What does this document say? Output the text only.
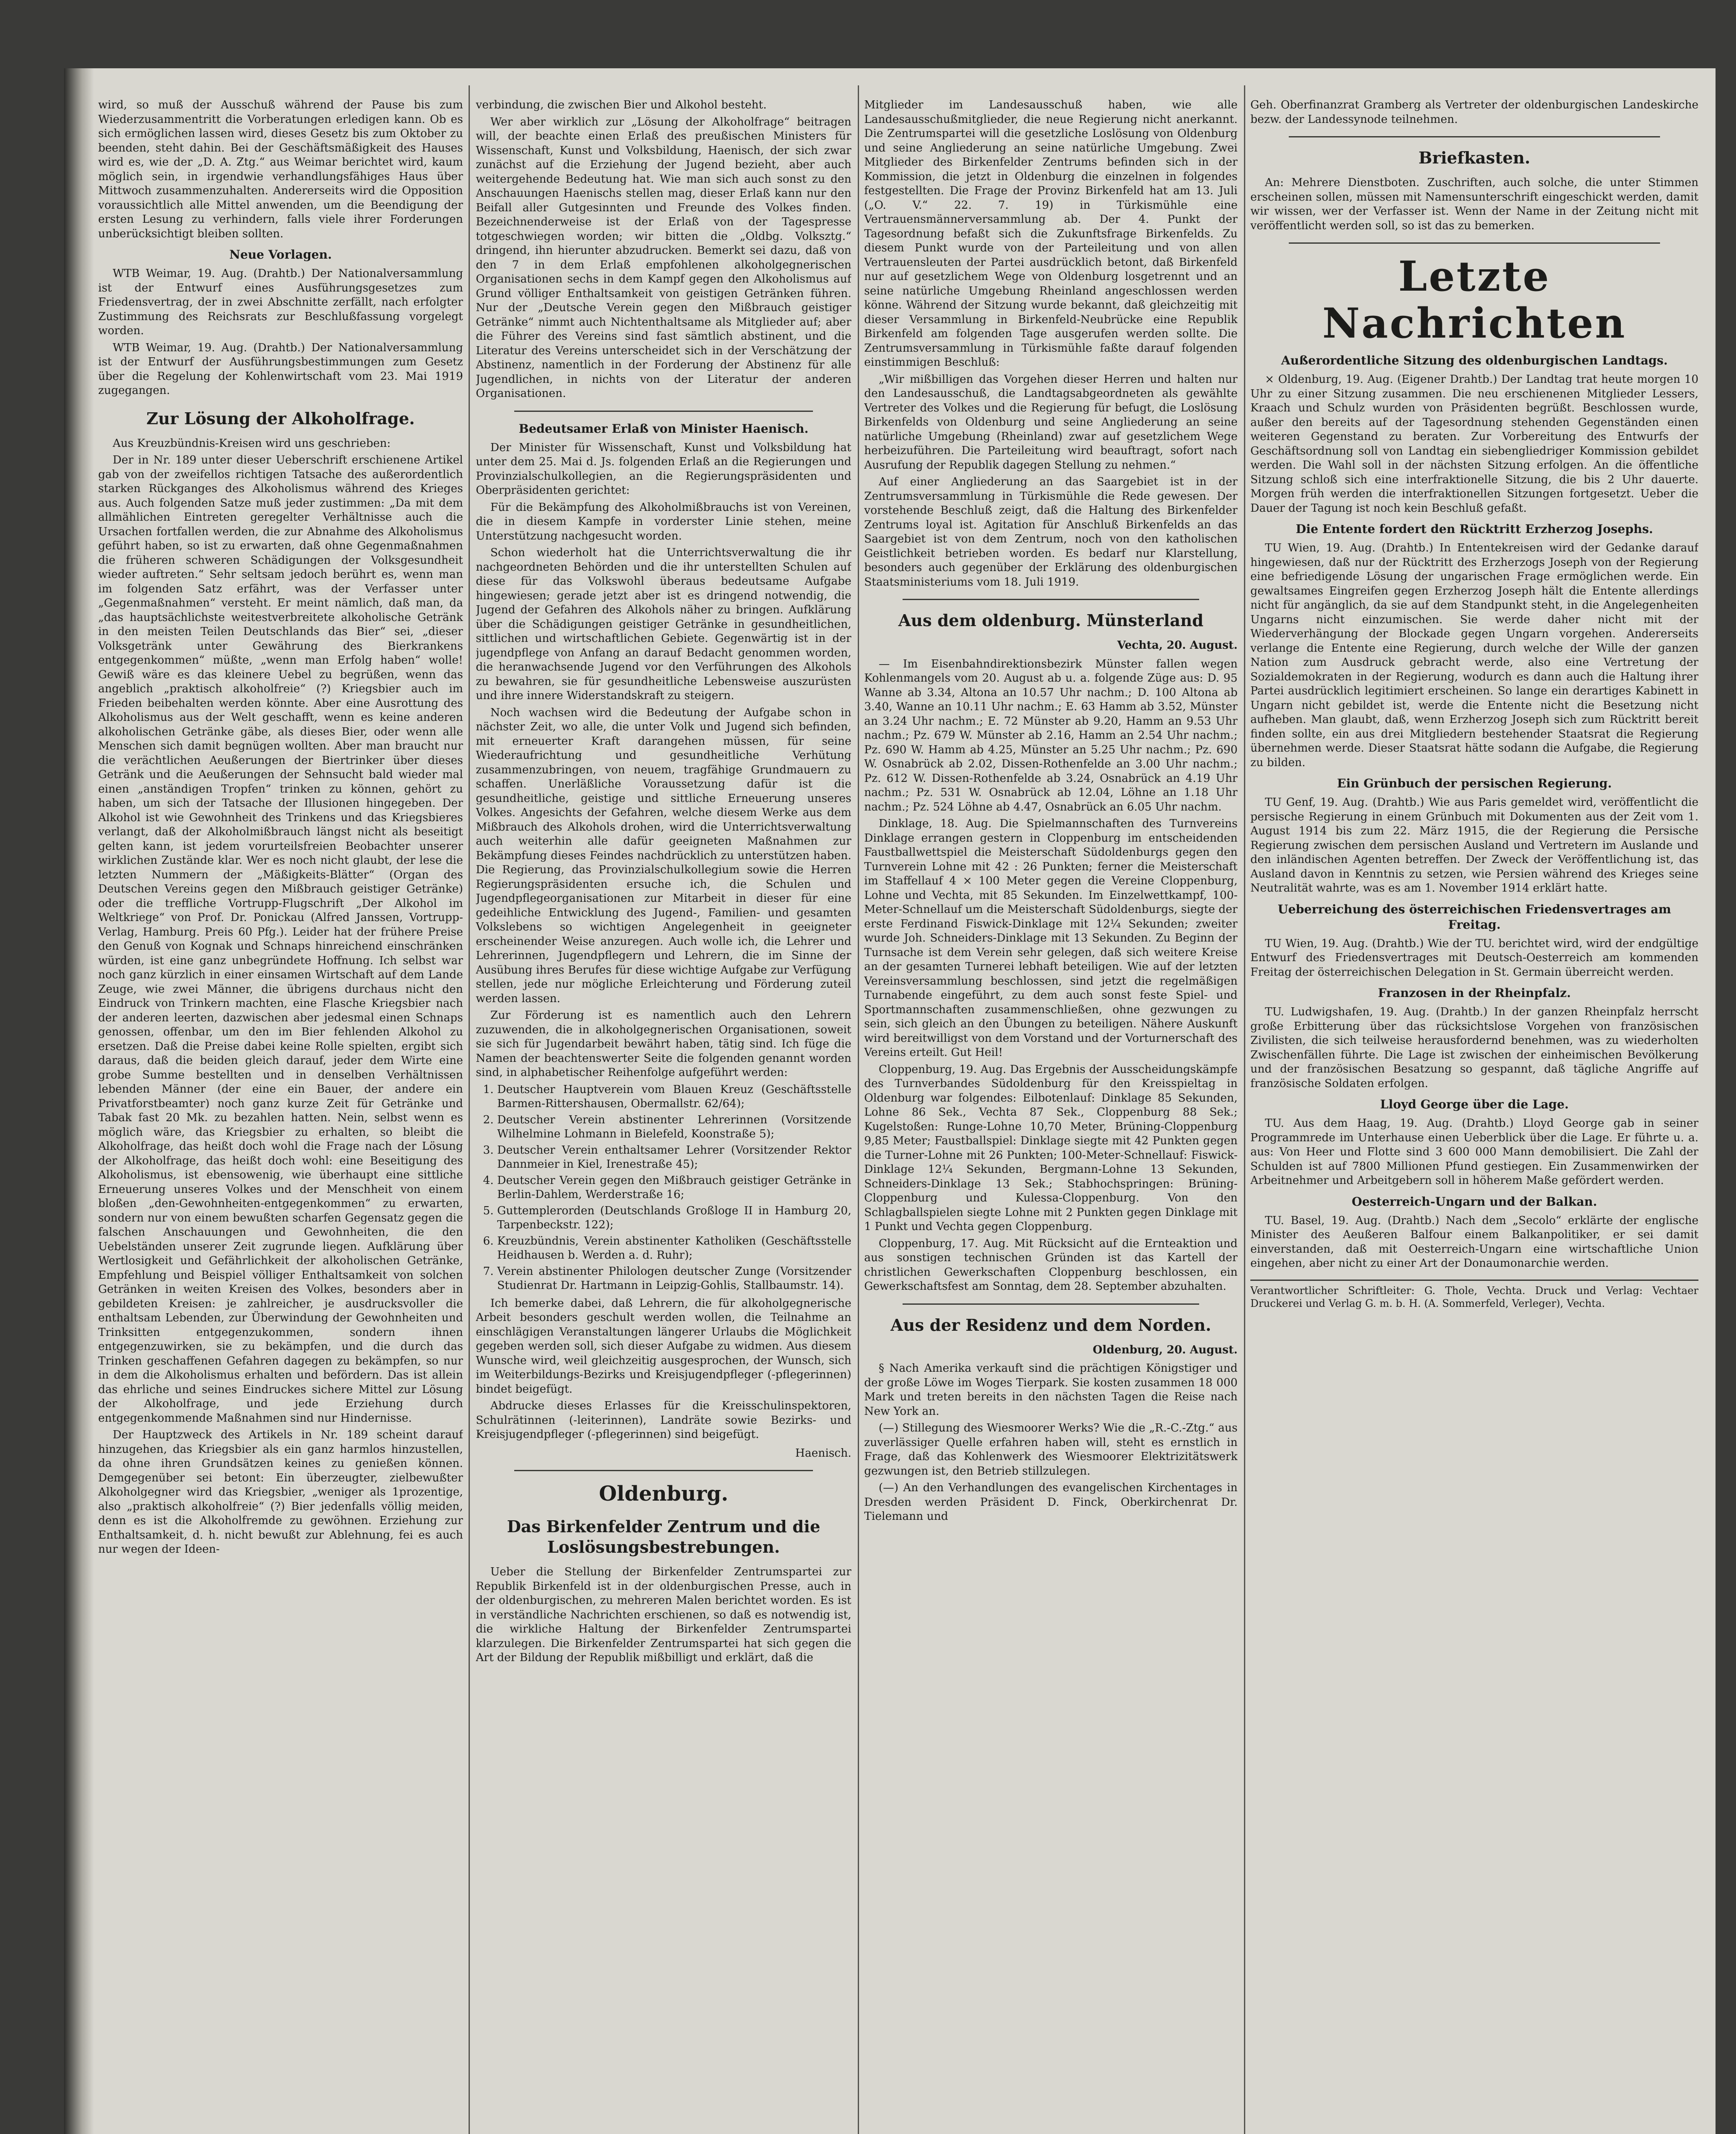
wird, so muß der Ausschuß während der Pause bis zum Wiederzusammentritt die Vorberatungen erledigen kann. Ob es sich ermöglichen lassen wird, dieses Gesetz bis zum Oktober zu beenden, steht dahin. Bei der Geschäftsmäßigkeit des Hauses wird es, wie der „D. A. Ztg.“ aus Weimar berichtet wird, kaum möglich sein, in irgendwie verhandlungsfähiges Haus über Mittwoch zusammenzuhalten. Andererseits wird die Opposition voraussichtlich alle Mittel anwenden, um die Beendigung der ersten Lesung zu verhindern, falls viele ihrer Forderungen unberücksichtigt bleiben sollten.

Neue Vorlagen.

WTB Weimar, 19. Aug. (Drahtb.) Der Nationalversammlung ist der Entwurf eines Ausführungsgesetzes zum Friedensvertrag, der in zwei Abschnitte zerfällt, nach erfolgter Zustimmung des Reichsrats zur Beschlußfassung vorgelegt worden.

WTB Weimar, 19. Aug. (Drahtb.) Der Nationalversammlung ist der Entwurf der Ausführungsbestimmungen zum Gesetz über die Regelung der Kohlenwirtschaft vom 23. Mai 1919 zugegangen.

Zur Lösung der Alkoholfrage.

Aus Kreuzbündnis-Kreisen wird uns geschrieben:

Der in Nr. 189 unter dieser Ueberschrift erschienene Artikel gab von der zweifellos richtigen Tatsache des außerordentlich starken Rückganges des Alkoholismus während des Krieges aus. Auch folgenden Satze muß jeder zustimmen: „Da mit dem allmählichen Eintreten geregelter Verhältnisse auch die Ursachen fortfallen werden, die zur Abnahme des Alkoholismus geführt haben, so ist zu erwarten, daß ohne Gegenmaßnahmen die früheren schweren Schädigungen der Volksgesundheit wieder auftreten.“ Sehr seltsam jedoch berührt es, wenn man im folgenden Satz erfährt, was der Verfasser unter „Gegenmaßnahmen“ versteht. Er meint nämlich, daß man, da „das hauptsächlichste weitestverbreitete alkoholische Getränk in den meisten Teilen Deutschlands das Bier“ sei, „dieser Volksgetränk unter Gewährung des Bierkrankens entgegenkommen“ müßte, „wenn man Erfolg haben“ wolle! Gewiß wäre es das kleinere Uebel zu begrüßen, wenn das angeblich „praktisch alkoholfreie“ (?) Kriegsbier auch im Frieden beibehalten werden könnte. Aber eine Ausrottung des Alkoholismus aus der Welt geschafft, wenn es keine anderen alkoholischen Getränke gäbe, als dieses Bier, oder wenn alle Menschen sich damit begnügen wollten. Aber man braucht nur die verächtlichen Aeußerungen der Biertrinker über dieses Getränk und die Aeußerungen der Sehnsucht bald wieder mal einen „anständigen Tropfen“ trinken zu können, gehört zu haben, um sich der Tatsache der Illusionen hingegeben. Der Alkohol ist wie Gewohnheit des Trinkens und das Kriegsbieres verlangt, daß der Alkoholmißbrauch längst nicht als beseitigt gelten kann, ist jedem vorurteilsfreien Beobachter unserer wirklichen Zustände klar. Wer es noch nicht glaubt, der lese die letzten Nummern der „Mäßigkeits-Blätter“ (Organ des Deutschen Vereins gegen den Mißbrauch geistiger Getränke) oder die treffliche Vortrupp-Flugschrift „Der Alkohol im Weltkriege“ von Prof. Dr. Ponickau (Alfred Janssen, Vortrupp-Verlag, Hamburg. Preis 60 Pfg.). Leider hat der frühere Preise den Genuß von Kognak und Schnaps hinreichend einschränken würden, ist eine ganz unbegründete Hoffnung. Ich selbst war noch ganz kürzlich in einer einsamen Wirtschaft auf dem Lande Zeuge, wie zwei Männer, die übrigens durchaus nicht den Eindruck von Trinkern machten, eine Flasche Kriegsbier nach der anderen leerten, dazwischen aber jedesmal einen Schnaps genossen, offenbar, um den im Bier fehlenden Alkohol zu ersetzen. Daß die Preise dabei keine Rolle spielten, ergibt sich daraus, daß die beiden gleich darauf, jeder dem Wirte eine grobe Summe bestellten und in denselben Verhältnissen lebenden Männer (der eine ein Bauer, der andere ein Privatforstbeamter) noch ganz kurze Zeit für Getränke und Tabak fast 20 Mk. zu bezahlen hatten. Nein, selbst wenn es möglich wäre, das Kriegsbier zu erhalten, so bleibt die Alkoholfrage, das heißt doch wohl die Frage nach der Lösung der Alkoholfrage, das heißt doch wohl: eine Beseitigung des Alkoholismus, ist ebensowenig, wie überhaupt eine sittliche Erneuerung unseres Volkes und der Menschheit von einem bloßen „den-Gewohnheiten-entgegenkommen“ zu erwarten, sondern nur von einem bewußten scharfen Gegensatz gegen die falschen Anschauungen und Gewohnheiten, die den Uebelständen unserer Zeit zugrunde liegen. Aufklärung über Wertlosigkeit und Gefährlichkeit der alkoholischen Getränke, Empfehlung und Beispiel völliger Enthaltsamkeit von solchen Getränken in weiten Kreisen des Volkes, besonders aber in gebildeten Kreisen: je zahlreicher, je ausdrucksvoller die enthaltsam Lebenden, zur Überwindung der Gewohnheiten und Trinksitten entgegenzukommen, sondern ihnen entgegenzuwirken, sie zu bekämpfen, und die durch das Trinken geschaffenen Gefahren dagegen zu bekämpfen, so nur in dem die Alkoholismus erhalten und befördern. Das ist allein das ehrliche und seines Eindruckes sichere Mittel zur Lösung der Alkoholfrage, und jede Erziehung durch entgegenkommende Maßnahmen sind nur Hindernisse.

Der Hauptzweck des Artikels in Nr. 189 scheint darauf hinzugehen, das Kriegsbier als ein ganz harmlos hinzustellen, da ohne ihren Grundsätzen keines zu genießen können. Demgegenüber sei betont: Ein überzeugter, zielbewußter Alkoholgegner wird das Kriegsbier, „weniger als 1prozentige, also „praktisch alkoholfreie“ (?) Bier jedenfalls völlig meiden, denn es ist die Alkoholfremde zu gewöhnen. Erziehung zur Enthaltsamkeit, d. h. nicht bewußt zur Ablehnung, fei es auch nur wegen der Ideen-

verbindung, die zwischen Bier und Alkohol besteht.

Wer aber wirklich zur „Lösung der Alkoholfrage“ beitragen will, der beachte einen Erlaß des preußischen Ministers für Wissenschaft, Kunst und Volksbildung, Haenisch, der sich zwar zunächst auf die Erziehung der Jugend bezieht, aber auch weitergehende Bedeutung hat. Wie man sich auch sonst zu den Anschauungen Haenischs stellen mag, dieser Erlaß kann nur den Beifall aller Gutgesinnten und Freunde des Volkes finden. Bezeichnenderweise ist der Erlaß von der Tagespresse totgeschwiegen worden; wir bitten die „Oldbg. Volksztg.“ dringend, ihn hierunter abzudrucken. Bemerkt sei dazu, daß von den 7 in dem Erlaß empfohlenen alkoholgegnerischen Organisationen sechs in dem Kampf gegen den Alkoholismus auf Grund völliger Enthaltsamkeit von geistigen Getränken führen. Nur der „Deutsche Verein gegen den Mißbrauch geistiger Getränke“ nimmt auch Nichtenthaltsame als Mitglieder auf; aber die Führer des Vereins sind fast sämtlich abstinent, und die Literatur des Vereins unterscheidet sich in der Verschätzung der Abstinenz, namentlich in der Forderung der Abstinenz für alle Jugendlichen, in nichts von der Literatur der anderen Organisationen.

Bedeutsamer Erlaß von Minister Haenisch.

Der Minister für Wissenschaft, Kunst und Volksbildung hat unter dem 25. Mai d. Js. folgenden Erlaß an die Regierungen und Provinzialschulkollegien, an die Regierungspräsidenten und Oberpräsidenten gerichtet:

Für die Bekämpfung des Alkoholmißbrauchs ist von Vereinen, die in diesem Kampfe in vorderster Linie stehen, meine Unterstützung nachgesucht worden.

Schon wiederholt hat die Unterrichtsverwaltung die ihr nachgeordneten Behörden und die ihr unterstellten Schulen auf diese für das Volkswohl überaus bedeutsame Aufgabe hingewiesen; gerade jetzt aber ist es dringend notwendig, die Jugend der Gefahren des Alkohols näher zu bringen. Aufklärung über die Schädigungen geistiger Getränke in gesundheitlichen, sittlichen und wirtschaftlichen Gebiete. Gegenwärtig ist in der jugendpflege von Anfang an darauf Bedacht genommen worden, die heranwachsende Jugend vor den Verführungen des Alkohols zu bewahren, sie für gesundheitliche Lebensweise auszurüsten und ihre innere Widerstandskraft zu steigern.

Noch wachsen wird die Bedeutung der Aufgabe schon in nächster Zeit, wo alle, die unter Volk und Jugend sich befinden, mit erneuerter Kraft darangehen müssen, für seine Wiederaufrichtung und gesundheitliche Verhütung zusammenzubringen, von neuem, tragfähige Grundmauern zu schaffen. Unerläßliche Voraussetzung dafür ist die gesundheitliche, geistige und sittliche Erneuerung unseres Volkes. Angesichts der Gefahren, welche diesem Werke aus dem Mißbrauch des Alkohols drohen, wird die Unterrichtsverwaltung auch weiterhin alle dafür geeigneten Maßnahmen zur Bekämpfung dieses Feindes nachdrücklich zu unterstützen haben. Die Regierung, das Provinzialschulkollegium sowie die Herren Regierungspräsidenten ersuche ich, die Schulen und Jugendpflegeorganisationen zur Mitarbeit in dieser für eine gedeihliche Entwicklung des Jugend-, Familien- und gesamten Volkslebens so wichtigen Angelegenheit in geeigneter erscheinender Weise anzuregen. Auch wolle ich, die Lehrer und Lehrerinnen, Jugendpflegern und Lehrern, die im Sinne der Ausübung ihres Berufes für diese wichtige Aufgabe zur Verfügung stellen, jede nur mögliche Erleichterung und Förderung zuteil werden lassen.

Zur Förderung ist es namentlich auch den Lehrern zuzuwenden, die in alkoholgegnerischen Organisationen, soweit sie sich für Jugendarbeit bewährt haben, tätig sind. Ich füge die Namen der beachtenswerter Seite die folgenden genannt worden sind, in alphabetischer Reihenfolge aufgeführt werden:

1. Deutscher Hauptverein vom Blauen Kreuz (Geschäftsstelle Barmen-Rittershausen, Obermallstr. 62/64);
2. Deutscher Verein abstinenter Lehrerinnen (Vorsitzende Wilhelmine Lohmann in Bielefeld, Koonstraße 5);
3. Deutscher Verein enthaltsamer Lehrer (Vorsitzender Rektor Dannmeier in Kiel, Irenestraße 45);
4. Deutscher Verein gegen den Mißbrauch geistiger Getränke in Berlin-Dahlem, Werderstraße 16;
5. Guttemplerorden (Deutschlands Großloge II in Hamburg 20, Tarpenbeckstr. 122);
6. Kreuzbündnis, Verein abstinenter Katholiken (Geschäftsstelle Heidhausen b. Werden a. d. Ruhr);
7. Verein abstinenter Philologen deutscher Zunge (Vorsitzender Studienrat Dr. Hartmann in Leipzig-Gohlis, Stallbaumstr. 14).

Ich bemerke dabei, daß Lehrern, die für alkoholgegnerische Arbeit besonders geschult werden wollen, die Teilnahme an einschlägigen Veranstaltungen längerer Urlaubs die Möglichkeit gegeben werden soll, sich dieser Aufgabe zu widmen. Aus diesem Wunsche wird, weil gleichzeitig ausgesprochen, der Wunsch, sich im Weiterbildungs-Bezirks und Kreisjugendpfleger (-pflegerinnen) bindet beigefügt.

Abdrucke dieses Erlasses für die Kreisschulinspektoren, Schulrätinnen (-leiterinnen), Landräte sowie Bezirks- und Kreisjugendpfleger (-pflegerinnen) sind beigefügt.

Haenisch.

Oldenburg.
Das Birkenfelder Zentrum und die Loslösungsbestrebungen.

Ueber die Stellung der Birkenfelder Zentrumspartei zur Republik Birkenfeld ist in der oldenburgischen Presse, auch in der oldenburgischen, zu mehreren Malen berichtet worden. Es ist in verständliche Nachrichten erschienen, so daß es notwendig ist, die wirkliche Haltung der Birkenfelder Zentrumspartei klarzulegen. Die Birkenfelder Zentrumspartei hat sich gegen die Art der Bildung der Republik mißbilligt und erklärt, daß die

Mitglieder im Landesausschuß haben, wie alle Landesausschußmitglieder, die neue Regierung nicht anerkannt. Die Zentrumspartei will die gesetzliche Loslösung von Oldenburg und seine Angliederung an seine natürliche Umgebung. Zwei Mitglieder des Birkenfelder Zentrums befinden sich in der Kommission, die jetzt in Oldenburg die einzelnen in folgendes festgestellten. Die Frage der Provinz Birkenfeld hat am 13. Juli („O. V.“ 22. 7. 19) in Türkismühle eine Vertrauensmännerversammlung ab. Der 4. Punkt der Tagesordnung befaßt sich die Zukunftsfrage Birkenfelds. Zu diesem Punkt wurde von der Parteileitung und von allen Vertrauensleuten der Partei ausdrücklich betont, daß Birkenfeld nur auf gesetzlichem Wege von Oldenburg losgetrennt und an seine natürliche Umgebung Rheinland angeschlossen werden könne. Während der Sitzung wurde bekannt, daß gleichzeitig mit dieser Versammlung in Birkenfeld-Neubrücke eine Republik Birkenfeld am folgenden Tage ausgerufen werden sollte. Die Zentrumsversammlung in Türkismühle faßte darauf folgenden einstimmigen Beschluß:

„Wir mißbilligen das Vorgehen dieser Herren und halten nur den Landesausschuß, die Landtagsabgeordneten als gewählte Vertreter des Volkes und die Regierung für befugt, die Loslösung Birkenfelds von Oldenburg und seine Angliederung an seine natürliche Umgebung (Rheinland) zwar auf gesetzlichem Wege herbeizuführen. Die Parteileitung wird beauftragt, sofort nach Ausrufung der Republik dagegen Stellung zu nehmen.“

Auf einer Angliederung an das Saargebiet ist in der Zentrumsversammlung in Türkismühle die Rede gewesen. Der vorstehende Beschluß zeigt, daß die Haltung des Birkenfelder Zentrums loyal ist. Agitation für Anschluß Birkenfelds an das Saargebiet ist von dem Zentrum, noch von den katholischen Geistlichkeit betrieben worden. Es bedarf nur Klarstellung, besonders auch gegenüber der Erklärung des oldenburgischen Staatsministeriums vom 18. Juli 1919.

Aus dem oldenburg. Münsterland
Vechta, 20. August.

— Im Eisenbahndirektionsbezirk Münster fallen wegen Kohlenmangels vom 20. August ab u. a. folgende Züge aus: D. 95 Wanne ab 3.34, Altona an 10.57 Uhr nachm.; D. 100 Altona ab 3.40, Wanne an 10.11 Uhr nachm.; E. 63 Hamm ab 3.52, Münster an 3.24 Uhr nachm.; E. 72 Münster ab 9.20, Hamm an 9.53 Uhr nachm.; Pz. 679 W. Münster ab 2.16, Hamm an 2.54 Uhr nachm.; Pz. 690 W. Hamm ab 4.25, Münster an 5.25 Uhr nachm.; Pz. 690 W. Osnabrück ab 2.02, Dissen-Rothenfelde an 3.00 Uhr nachm.; Pz. 612 W. Dissen-Rothenfelde ab 3.24, Osnabrück an 4.19 Uhr nachm.; Pz. 531 W. Osnabrück ab 12.04, Löhne an 1.18 Uhr nachm.; Pz. 524 Löhne ab 4.47, Osnabrück an 6.05 Uhr nachm.

Dinklage, 18. Aug. Die Spielmannschaften des Turnvereins Dinklage errangen gestern in Cloppenburg im entscheidenden Faustballwettspiel die Meisterschaft Südoldenburgs gegen den Turnverein Lohne mit 42 : 26 Punkten; ferner die Meisterschaft im Staffellauf 4 × 100 Meter gegen die Vereine Cloppenburg, Lohne und Vechta, mit 85 Sekunden. Im Einzelwettkampf, 100-Meter-Schnellauf um die Meisterschaft Südoldenburgs, siegte der erste Ferdinand Fiswick-Dinklage mit 12¼ Sekunden; zweiter wurde Joh. Schneiders-Dinklage mit 13 Sekunden. Zu Beginn der Turnsache ist dem Verein sehr gelegen, daß sich weitere Kreise an der gesamten Turnerei lebhaft beteiligen. Wie auf der letzten Vereinsversammlung beschlossen, sind jetzt die regelmäßigen Turnabende eingeführt, zu dem auch sonst feste Spiel- und Sportmannschaften zusammenschließen, ohne gezwungen zu sein, sich gleich an den Übungen zu beteiligen. Nähere Auskunft wird bereitwilligst von dem Vorstand und der Vorturnerschaft des Vereins erteilt. Gut Heil!

Cloppenburg, 19. Aug. Das Ergebnis der Ausscheidungskämpfe des Turnverbandes Südoldenburg für den Kreisspieltag in Oldenburg war folgendes: Eilbotenlauf: Dinklage 85 Sekunden, Lohne 86 Sek., Vechta 87 Sek., Cloppenburg 88 Sek.; Kugelstoßen: Runge-Lohne 10,70 Meter, Brüning-Cloppenburg 9,85 Meter; Faustballspiel: Dinklage siegte mit 42 Punkten gegen die Turner-Lohne mit 26 Punkten; 100-Meter-Schnellauf: Fiswick-Dinklage 12¼ Sekunden, Bergmann-Lohne 13 Sekunden, Schneiders-Dinklage 13 Sek.; Stabhochspringen: Brüning-Cloppenburg und Kulessa-Cloppenburg. Von den Schlagballspielen siegte Lohne mit 2 Punkten gegen Dinklage mit 1 Punkt und Vechta gegen Cloppenburg.

Cloppenburg, 17. Aug. Mit Rücksicht auf die Ernteaktion und aus sonstigen technischen Gründen ist das Kartell der christlichen Gewerkschaften Cloppenburg beschlossen, ein Gewerkschaftsfest am Sonntag, dem 28. September abzuhalten.

Aus der Residenz und dem Norden.
Oldenburg, 20. August.

§ Nach Amerika verkauft sind die prächtigen Königstiger und der große Löwe im Woges Tierpark. Sie kosten zusammen 18 000 Mark und treten bereits in den nächsten Tagen die Reise nach New York an.

(—) Stillegung des Wiesmoorer Werks? Wie die „R.-C.-Ztg.“ aus zuverlässiger Quelle erfahren haben will, steht es ernstlich in Frage, daß das Kohlenwerk des Wiesmoorer Elektrizitätswerk gezwungen ist, den Betrieb stillzulegen.

(—) An den Verhandlungen des evangelischen Kirchentages in Dresden werden Präsident D. Finck, Oberkirchenrat Dr. Tielemann und

Geh. Oberfinanzrat Gramberg als Vertreter der oldenburgischen Landeskirche bezw. der Landessynode teilnehmen.

Briefkasten.

An: Mehrere Dienstboten. Zuschriften, auch solche, die unter Stimmen erscheinen sollen, müssen mit Namensunterschrift eingeschickt werden, damit wir wissen, wer der Verfasser ist. Wenn der Name in der Zeitung nicht mit veröffentlicht werden soll, so ist das zu bemerken.

Letzte Nachrichten
Außerordentliche Sitzung des oldenburgischen Landtags.

× Oldenburg, 19. Aug. (Eigener Drahtb.) Der Landtag trat heute morgen 10 Uhr zu einer Sitzung zusammen. Die neu erschienenen Mitglieder Lessers, Kraach und Schulz wurden von Präsidenten begrüßt. Beschlossen wurde, außer den bereits auf der Tagesordnung stehenden Gegenständen einen weiteren Gegenstand zu beraten. Zur Vorbereitung des Entwurfs der Geschäftsordnung soll von Landtag ein siebengliedriger Kommission gebildet werden. Die Wahl soll in der nächsten Sitzung erfolgen. An die öffentliche Sitzung schloß sich eine interfraktionelle Sitzung, die bis 2 Uhr dauerte. Morgen früh werden die interfraktionellen Sitzungen fortgesetzt. Ueber die Dauer der Tagung ist noch kein Beschluß gefaßt.

Die Entente fordert den Rücktritt Erzherzog Josephs.

TU Wien, 19. Aug. (Drahtb.) In Ententekreisen wird der Gedanke darauf hingewiesen, daß nur der Rücktritt des Erzherzogs Joseph von der Regierung eine befriedigende Lösung der ungarischen Frage ermöglichen werde. Ein gewaltsames Eingreifen gegen Erzherzog Joseph hält die Entente allerdings nicht für angänglich, da sie auf dem Standpunkt steht, in die Angelegenheiten Ungarns nicht einzumischen. Sie werde daher nicht mit der Wiederverhängung der Blockade gegen Ungarn vorgehen. Andererseits verlange die Entente eine Regierung, durch welche der Wille der ganzen Nation zum Ausdruck gebracht werde, also eine Vertretung der Sozialdemokraten in der Regierung, wodurch es dann auch die Haltung ihrer Partei ausdrücklich legitimiert erscheinen. So lange ein derartiges Kabinett in Ungarn nicht gebildet ist, werde die Entente nicht die Besetzung nicht aufheben. Man glaubt, daß, wenn Erzherzog Joseph sich zum Rücktritt bereit finden sollte, ein aus drei Mitgliedern bestehender Staatsrat die Regierung übernehmen werde. Dieser Staatsrat hätte sodann die Aufgabe, die Regierung zu bilden.

Ein Grünbuch der persischen Regierung.

TU Genf, 19. Aug. (Drahtb.) Wie aus Paris gemeldet wird, veröffentlicht die persische Regierung in einem Grünbuch mit Dokumenten aus der Zeit vom 1. August 1914 bis zum 22. März 1915, die der Regierung die Persische Regierung zwischen dem persischen Ausland und Vertretern im Auslande und den inländischen Agenten betreffen. Der Zweck der Veröffentlichung ist, das Ausland davon in Kenntnis zu setzen, wie Persien während des Krieges seine Neutralität wahrte, was es am 1. November 1914 erklärt hatte.

Ueberreichung des österreichischen Friedensvertrages am Freitag.

TU Wien, 19. Aug. (Drahtb.) Wie der TU. berichtet wird, wird der endgültige Entwurf des Friedensvertrages mit Deutsch-Oesterreich am kommenden Freitag der österreichischen Delegation in St. Germain überreicht werden.

Franzosen in der Rheinpfalz.

TU. Ludwigshafen, 19. Aug. (Drahtb.) In der ganzen Rheinpfalz herrscht große Erbitterung über das rücksichtslose Vorgehen von französischen Zivilisten, die sich teilweise herausfordernd benehmen, was zu wiederholten Zwischenfällen führte. Die Lage ist zwischen der einheimischen Bevölkerung und der französischen Besatzung so gespannt, daß tägliche Angriffe auf französische Soldaten erfolgen.

Lloyd George über die Lage.

TU. Aus dem Haag, 19. Aug. (Drahtb.) Lloyd George gab in seiner Programmrede im Unterhause einen Ueberblick über die Lage. Er führte u. a. aus: Von Heer und Flotte sind 3 600 000 Mann demobilisiert. Die Zahl der Schulden ist auf 7800 Millionen Pfund gestiegen. Ein Zusammenwirken der Arbeitnehmer und Arbeitgebern soll in höherem Maße gefördert werden.

Oesterreich-Ungarn und der Balkan.

TU. Basel, 19. Aug. (Drahtb.) Nach dem „Secolo“ erklärte der englische Minister des Aeußeren Balfour einem Balkanpolitiker, er sei damit einverstanden, daß mit Oesterreich-Ungarn eine wirtschaftliche Union eingehen, aber nicht zu einer Art der Donaumonarchie werden.

Verantwortlicher Schriftleiter: G. Thole, Vechta. Druck und Verlag: Vechtaer Druckerei und Verlag G. m. b. H. (A. Sommerfeld, Verleger), Vechta.
